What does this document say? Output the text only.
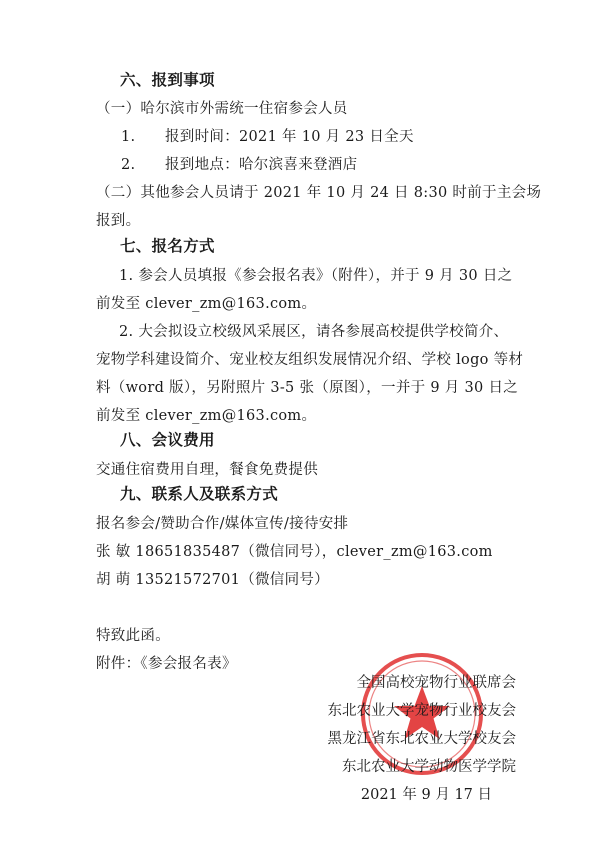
六、报到事项
（一）哈尔滨市外需统一住宿参会人员
1. 报到时间：2021 年 10 月 23 日全天
2. 报到地点：哈尔滨喜来登酒店
（二）其他参会人员请于 2021 年 10 月 24 日 8:30 时前于主会场
报到。
七、报名方式
1. 参会人员填报《参会报名表》（附件），并于 9 月 30 日之
前发至 clever_zm@163.com。
2. 大会拟设立校级风采展区，请各参展高校提供学校简介、
宠物学科建设简介、宠业校友组织发展情况介绍、学校 logo 等材
料（word 版），另附照片 3-5 张（原图），一并于 9 月 30 日之
前发至 clever_zm@163.com。
八、会议费用
交通住宿费用自理，餐食免费提供
九、联系人及联系方式
报名参会/赞助合作/媒体宣传/接待安排
张 敏 18651835487（微信同号），clever_zm@163.com
胡 萌 13521572701（微信同号）
特致此函。
附件：《参会报名表》
全国高校宠物行业联席会
东北农业大学宠物行业校友会
黑龙江省东北农业大学校友会
东北农业大学动物医学学院
2021 年 9 月 17 日
